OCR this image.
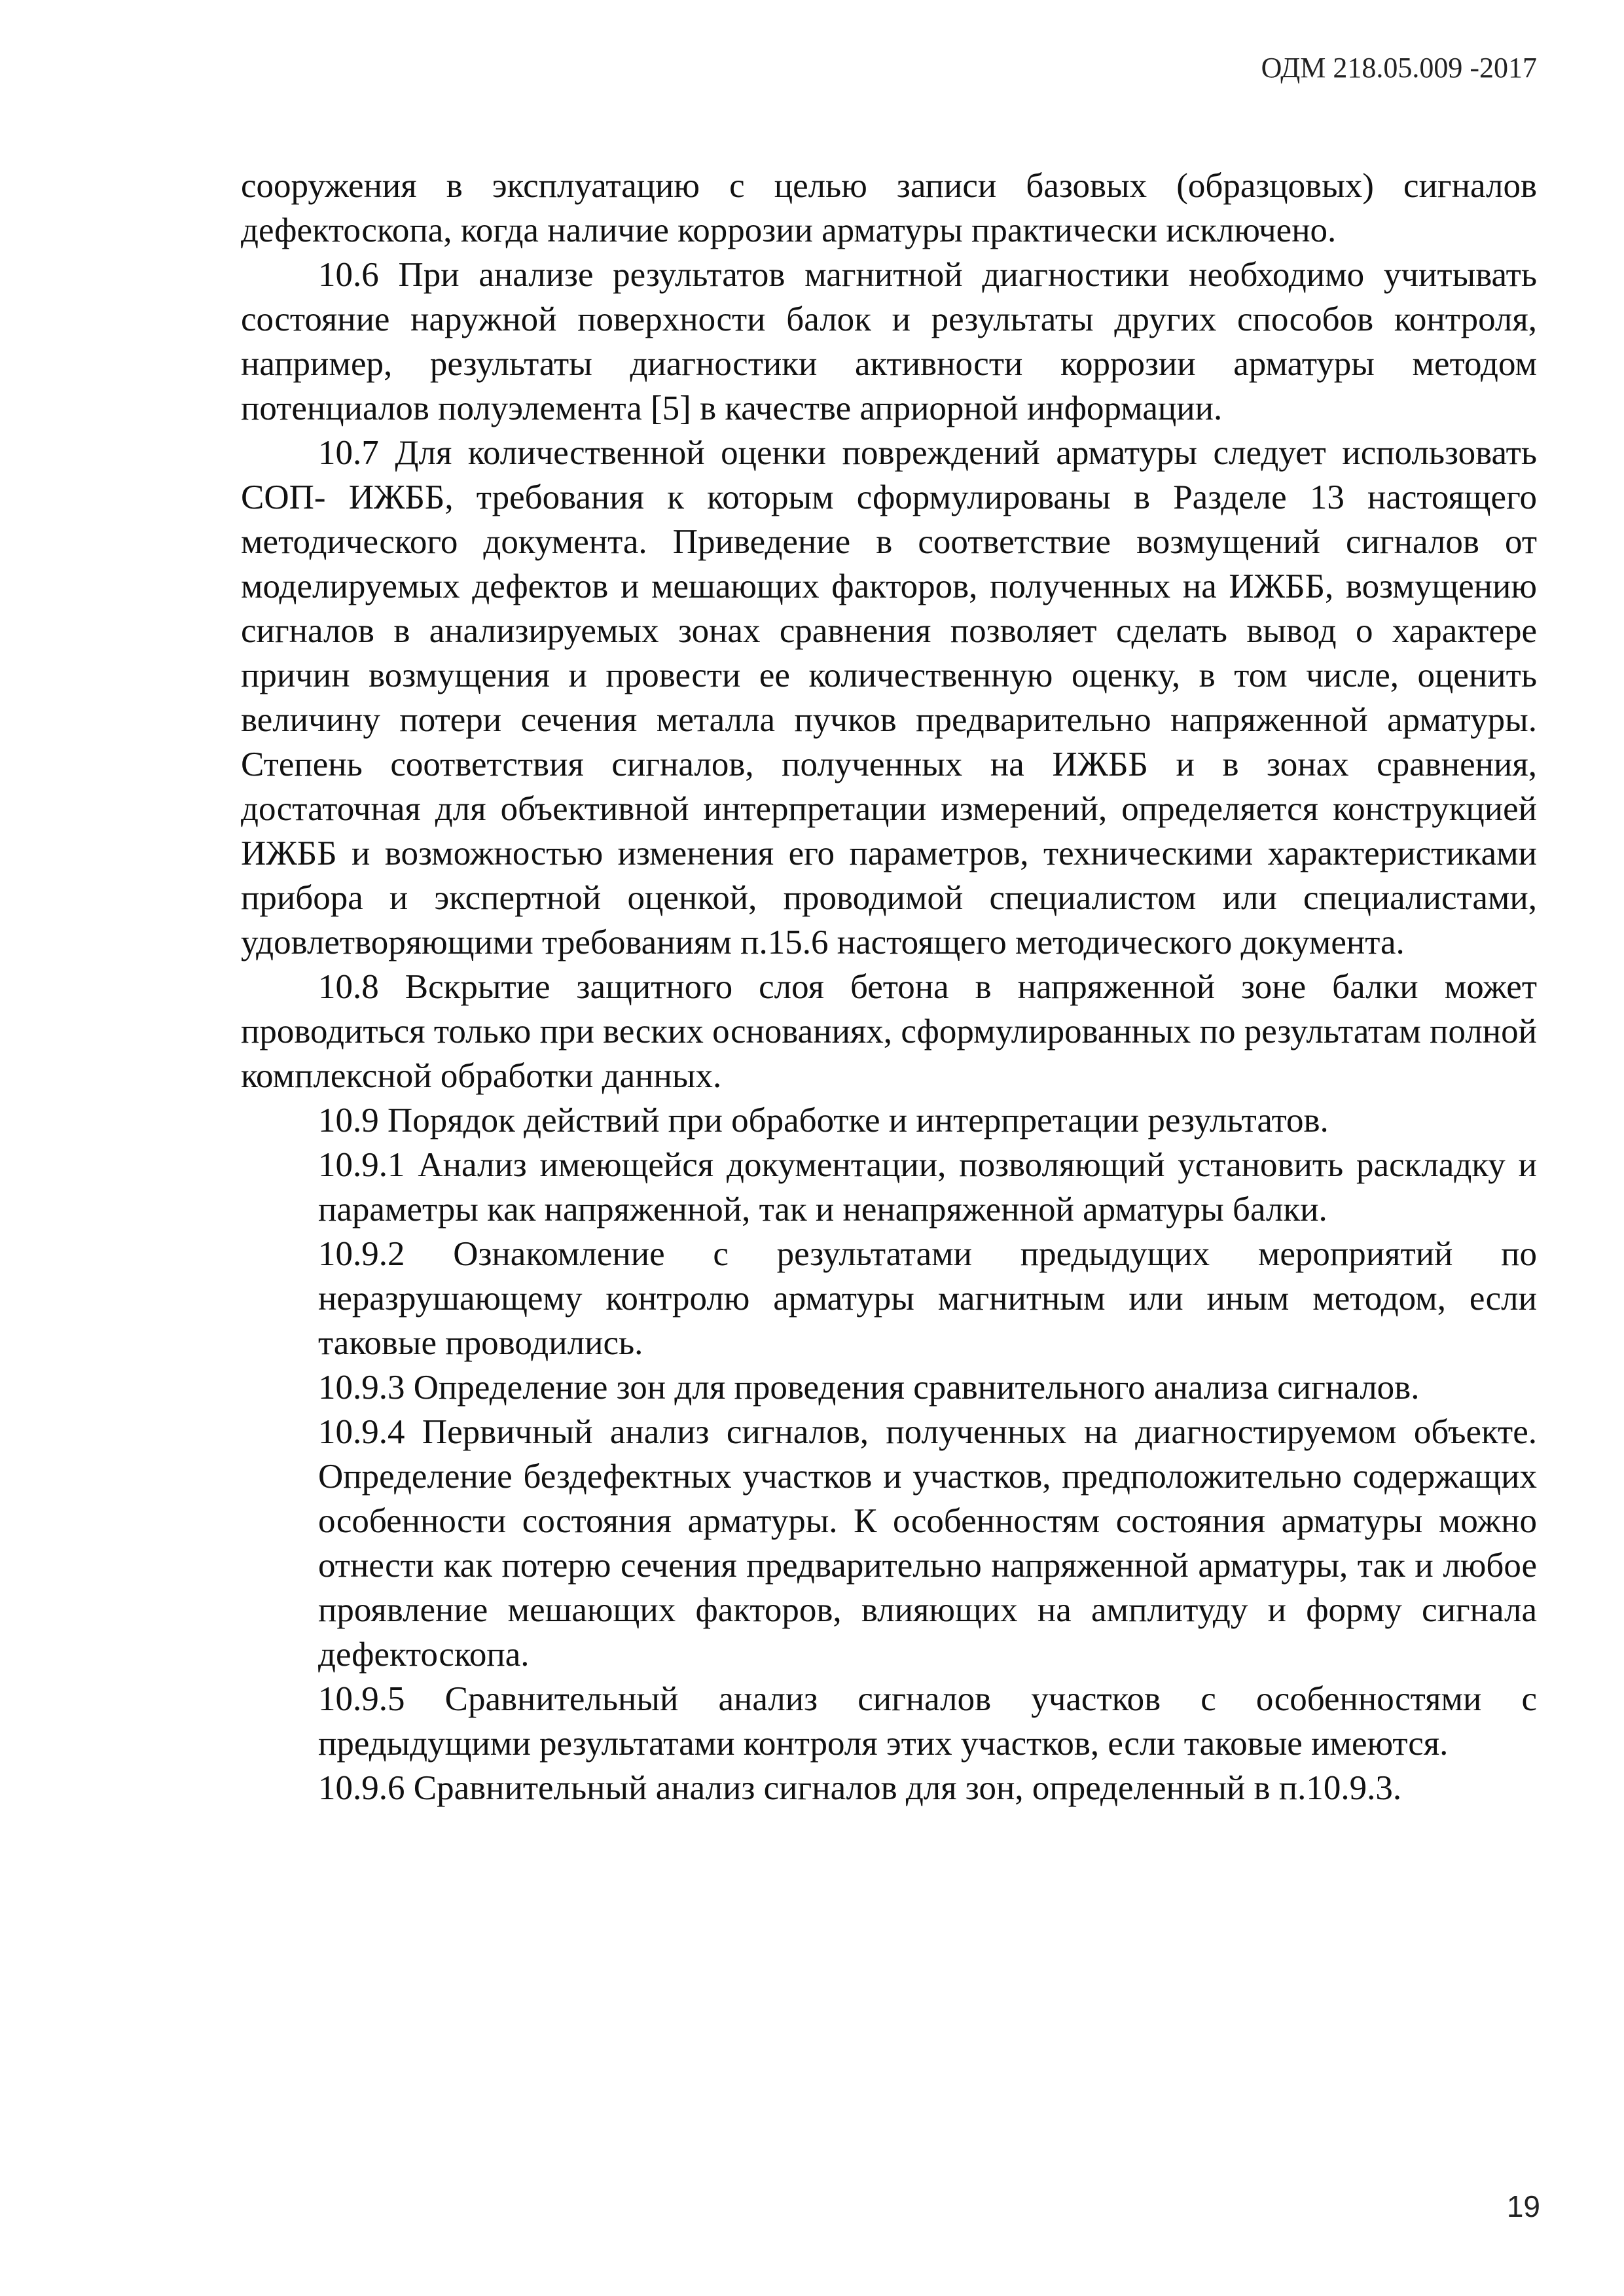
ОДМ 218.05.009 -2017

сооружения в эксплуатацию с целью записи базовых (образцовых) сигналов дефектоскопа, когда наличие коррозии арматуры практически исключено.

10.6 При анализе результатов магнитной диагностики необходимо учитывать состояние наружной поверхности балок и результаты других способов контроля, например, результаты диагностики активности коррозии арматуры методом потенциалов полуэлемента [5] в качестве априорной информации.

10.7 Для количественной оценки повреждений арматуры следует использовать СОП- ИЖББ, требования к которым сформулированы в Разделе 13 настоящего методического документа. Приведение в соответствие возмущений сигналов от моделируемых дефектов и мешающих факторов, полученных на ИЖББ, возмущению сигналов в анализируемых зонах сравнения позволяет сделать вывод о характере причин возмущения и провести ее количественную оценку, в том числе, оценить величину потери сечения металла пучков предварительно напряженной арматуры. Степень соответствия сигналов, полученных на ИЖББ и в зонах сравнения, достаточная для объективной интерпретации измерений, определяется конструкцией ИЖББ и возможностью изменения его параметров, техническими характеристиками прибора и экспертной оценкой, проводимой специалистом или специалистами, удовлетворяющими требованиям п.15.6 настоящего методического документа.

10.8 Вскрытие защитного слоя бетона в напряженной зоне балки может проводиться только при веских основаниях, сформулированных по результатам полной комплексной обработки данных.

10.9 Порядок действий при обработке и интерпретации результатов.

10.9.1 Анализ имеющейся документации, позволяющий установить раскладку и параметры как напряженной, так и ненапряженной арматуры балки.

10.9.2 Ознакомление с результатами предыдущих мероприятий по неразрушающему контролю арматуры магнитным или иным методом, если таковые проводились.

10.9.3 Определение зон для проведения сравнительного анализа сигналов.

10.9.4 Первичный анализ сигналов, полученных на диагностируемом объекте. Определение бездефектных участков и участков, предположительно содержащих особенности состояния арматуры. К особенностям состояния арматуры можно отнести как потерю сечения предварительно напряженной арматуры, так и любое проявление мешающих факторов, влияющих на амплитуду и форму сигнала дефектоскопа.

10.9.5 Сравнительный анализ сигналов участков с особенностями с предыдущими результатами контроля этих участков, если таковые имеются.

10.9.6 Сравнительный анализ сигналов для зон, определенный в п.10.9.3.

19
